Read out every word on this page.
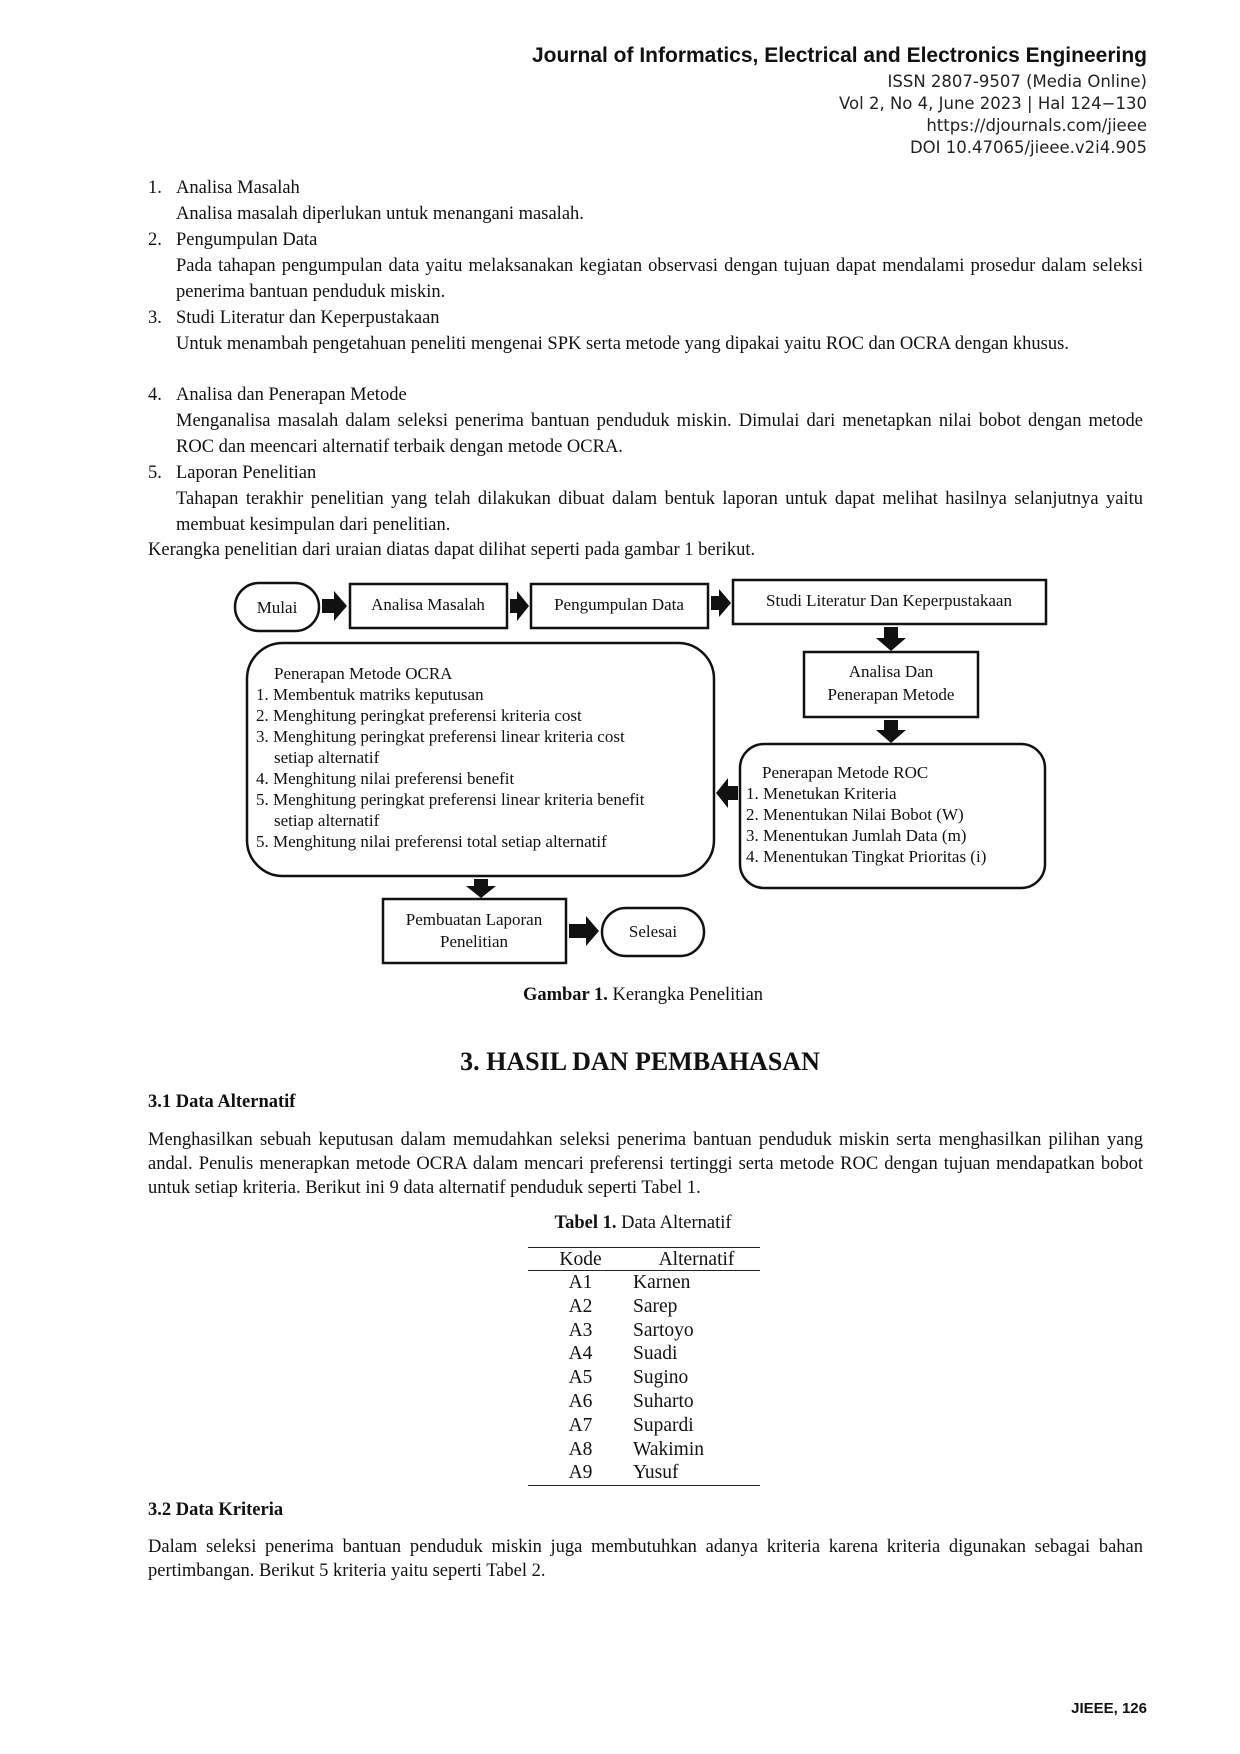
Journal of Informatics, Electrical and Electronics Engineering
ISSN 2807-9507 (Media Online)
Vol 2, No 4, June 2023 | Hal 124−130
https://djournals.com/jieee
DOI 10.47065/jieee.v2i4.905
1. Analisa Masalah
Analisa masalah diperlukan untuk menangani masalah.
2. Pengumpulan Data
Pada tahapan pengumpulan data yaitu melaksanakan kegiatan observasi dengan tujuan dapat mendalami prosedur dalam seleksi penerima bantuan penduduk miskin.
3. Studi Literatur dan Keperpustakaan
Untuk menambah pengetahuan peneliti mengenai SPK serta metode yang dipakai yaitu ROC dan OCRA dengan khusus.
4. Analisa dan Penerapan Metode
Menganalisa masalah dalam seleksi penerima bantuan penduduk miskin. Dimulai dari menetapkan nilai bobot dengan metode ROC dan meencari alternatif terbaik dengan metode OCRA.
5. Laporan Penelitian
Tahapan terakhir penelitian yang telah dilakukan dibuat dalam bentuk laporan untuk dapat melihat hasilnya selanjutnya yaitu membuat kesimpulan dari penelitian.
Kerangka penelitian dari uraian diatas dapat dilihat seperti pada gambar 1 berikut.
Mulai	Analisa Masalah	Pengumpulan Data	Studi Literatur Dan Keperpustakaan
Analisa Dan
Penerapan Metode
Penerapan Metode ROC
1. Menetukan Kriteria
2. Menentukan Nilai Bobot (W)
3. Menentukan Jumlah Data (m)
4. Menentukan Tingkat Prioritas (i)
Penerapan Metode OCRA
1. Membentuk matriks keputusan
2. Menghitung peringkat preferensi kriteria cost
3. Menghitung peringkat preferensi linear kriteria cost
setiap alternatif
4. Menghitung nilai preferensi benefit
5. Menghitung peringkat preferensi linear kriteria benefit
setiap alternatif
5. Menghitung nilai preferensi total setiap alternatif
Pembuatan Laporan
Penelitian
Selesai
Gambar 1. Kerangka Penelitian
3. HASIL DAN PEMBAHASAN
3.1 Data Alternatif
Menghasilkan sebuah keputusan dalam memudahkan seleksi penerima bantuan penduduk miskin serta menghasilkan pilihan yang andal. Penulis menerapkan metode OCRA dalam mencari preferensi tertinggi serta metode ROC dengan tujuan mendapatkan bobot untuk setiap kriteria. Berikut ini 9 data alternatif penduduk seperti Tabel 1.
Tabel 1. Data Alternatif
Kode	Alternatif
A1	Karnen
A2	Sarep
A3	Sartoyo
A4	Suadi
A5	Sugino
A6	Suharto
A7	Supardi
A8	Wakimin
A9	Yusuf
3.2 Data Kriteria
Dalam seleksi penerima bantuan penduduk miskin juga membutuhkan adanya kriteria karena kriteria digunakan sebagai bahan pertimbangan. Berikut 5 kriteria yaitu seperti Tabel 2.
JIEEE, 126
